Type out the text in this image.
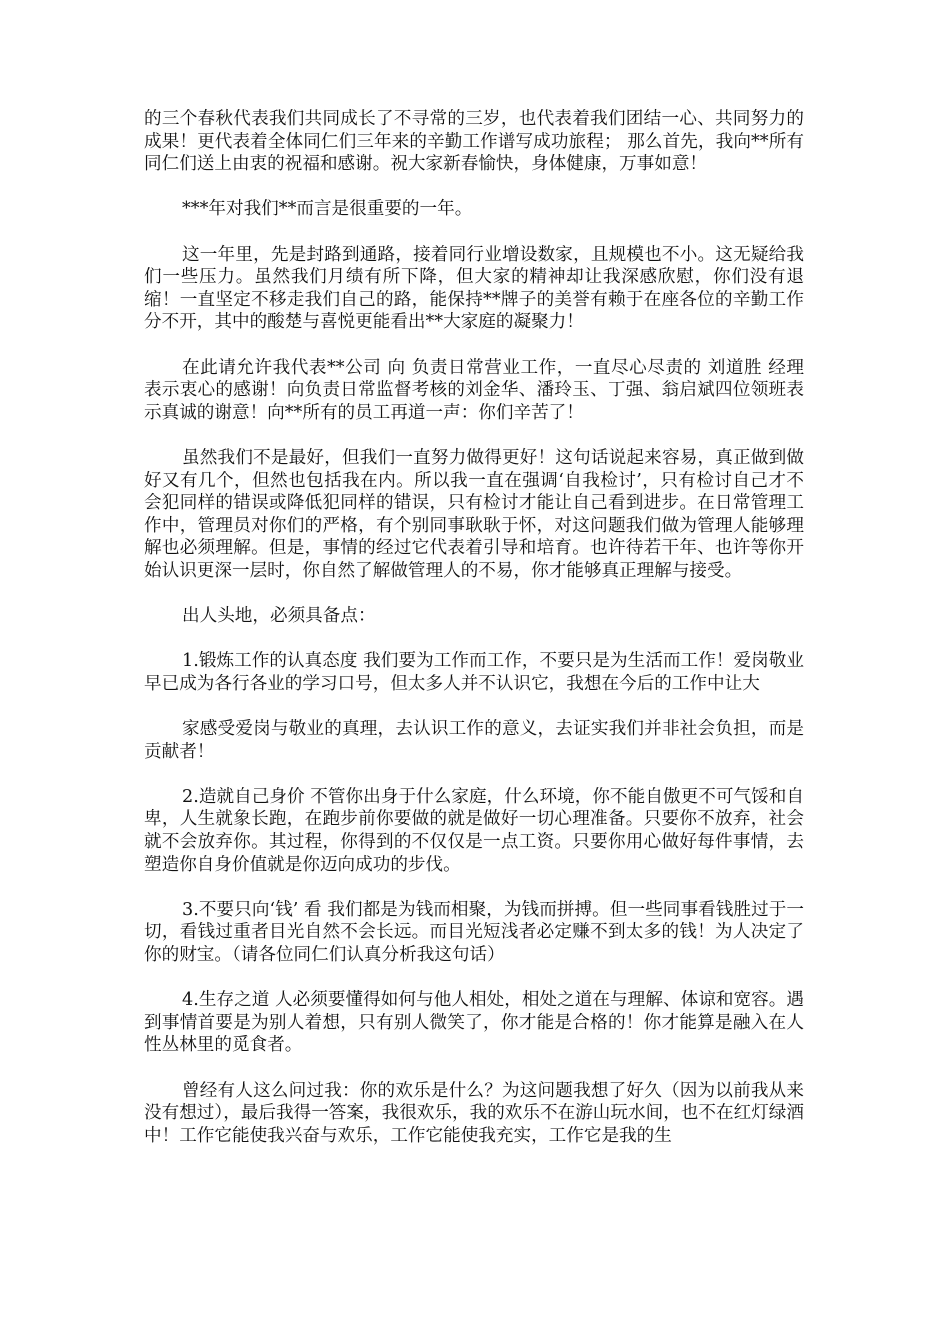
的三个春秋代表我们共同成长了不寻常的三岁，也代表着我们团结一心、共同努力的成果！更代表着全体同仁们三年来的辛勤工作谱写成功旅程； 那么首先，我向**所有同仁们送上由衷的祝福和感谢。祝大家新春愉快，身体健康，万事如意！

***年对我们**而言是很重要的一年。

这一年里，先是封路到通路，接着同行业增设数家，且规模也不小。这无疑给我们一些压力。虽然我们月绩有所下降，但大家的精神却让我深感欣慰，你们没有退缩！一直坚定不移走我们自己的路，能保持**牌子的美誉有赖于在座各位的辛勤工作分不开，其中的酸楚与喜悦更能看出**大家庭的凝聚力！

在此请允许我代表**公司 向 负责日常营业工作，一直尽心尽责的 刘道胜 经理 表示衷心的感谢！向负责日常监督考核的刘金华、潘玲玉、丁强、翁启斌四位领班表示真诚的谢意！向**所有的员工再道一声：你们辛苦了！

虽然我们不是最好，但我们一直努力做得更好！这句话说起来容易，真正做到做好又有几个，但然也包括我在内。所以我一直在强调‘自我检讨’，只有检讨自己才不会犯同样的错误或降低犯同样的错误，只有检讨才能让自己看到进步。在日常管理工作中，管理员对你们的严格，有个别同事耿耿于怀，对这问题我们做为管理人能够理解也必须理解。但是，事情的经过它代表着引导和培育。也许待若干年、也许等你开始认识更深一层时，你自然了解做管理人的不易，你才能够真正理解与接受。

出人头地，必须具备点：

1.锻炼工作的认真态度 我们要为工作而工作，不要只是为生活而工作！爱岗敬业早已成为各行各业的学习口号，但太多人并不认识它，我想在今后的工作中让大

家感受爱岗与敬业的真理，去认识工作的意义，去证实我们并非社会负担，而是贡献者！

2.造就自己身价 不管你出身于什么家庭，什么环境，你不能自傲更不可气馁和自卑，人生就象长跑，在跑步前你要做的就是做好一切心理准备。只要你不放弃，社会就不会放弃你。其过程，你得到的不仅仅是一点工资。只要你用心做好每件事情，去塑造你自身价值就是你迈向成功的步伐。

3.不要只向‘钱’ 看 我们都是为钱而相聚，为钱而拼搏。但一些同事看钱胜过于一切，看钱过重者目光自然不会长远。而目光短浅者必定赚不到太多的钱！为人决定了你的财宝。（请各位同仁们认真分析我这句话）

4.生存之道 人必须要懂得如何与他人相处，相处之道在与理解、体谅和宽容。遇到事情首要是为别人着想，只有别人微笑了，你才能是合格的！你才能算是融入在人性丛林里的觅食者。

曾经有人这么问过我：你的欢乐是什么？为这问题我想了好久（因为以前我从来没有想过），最后我得一答案，我很欢乐，我的欢乐不在游山玩水间，也不在红灯绿酒中！工作它能使我兴奋与欢乐，工作它能使我充实，工作它是我的生
